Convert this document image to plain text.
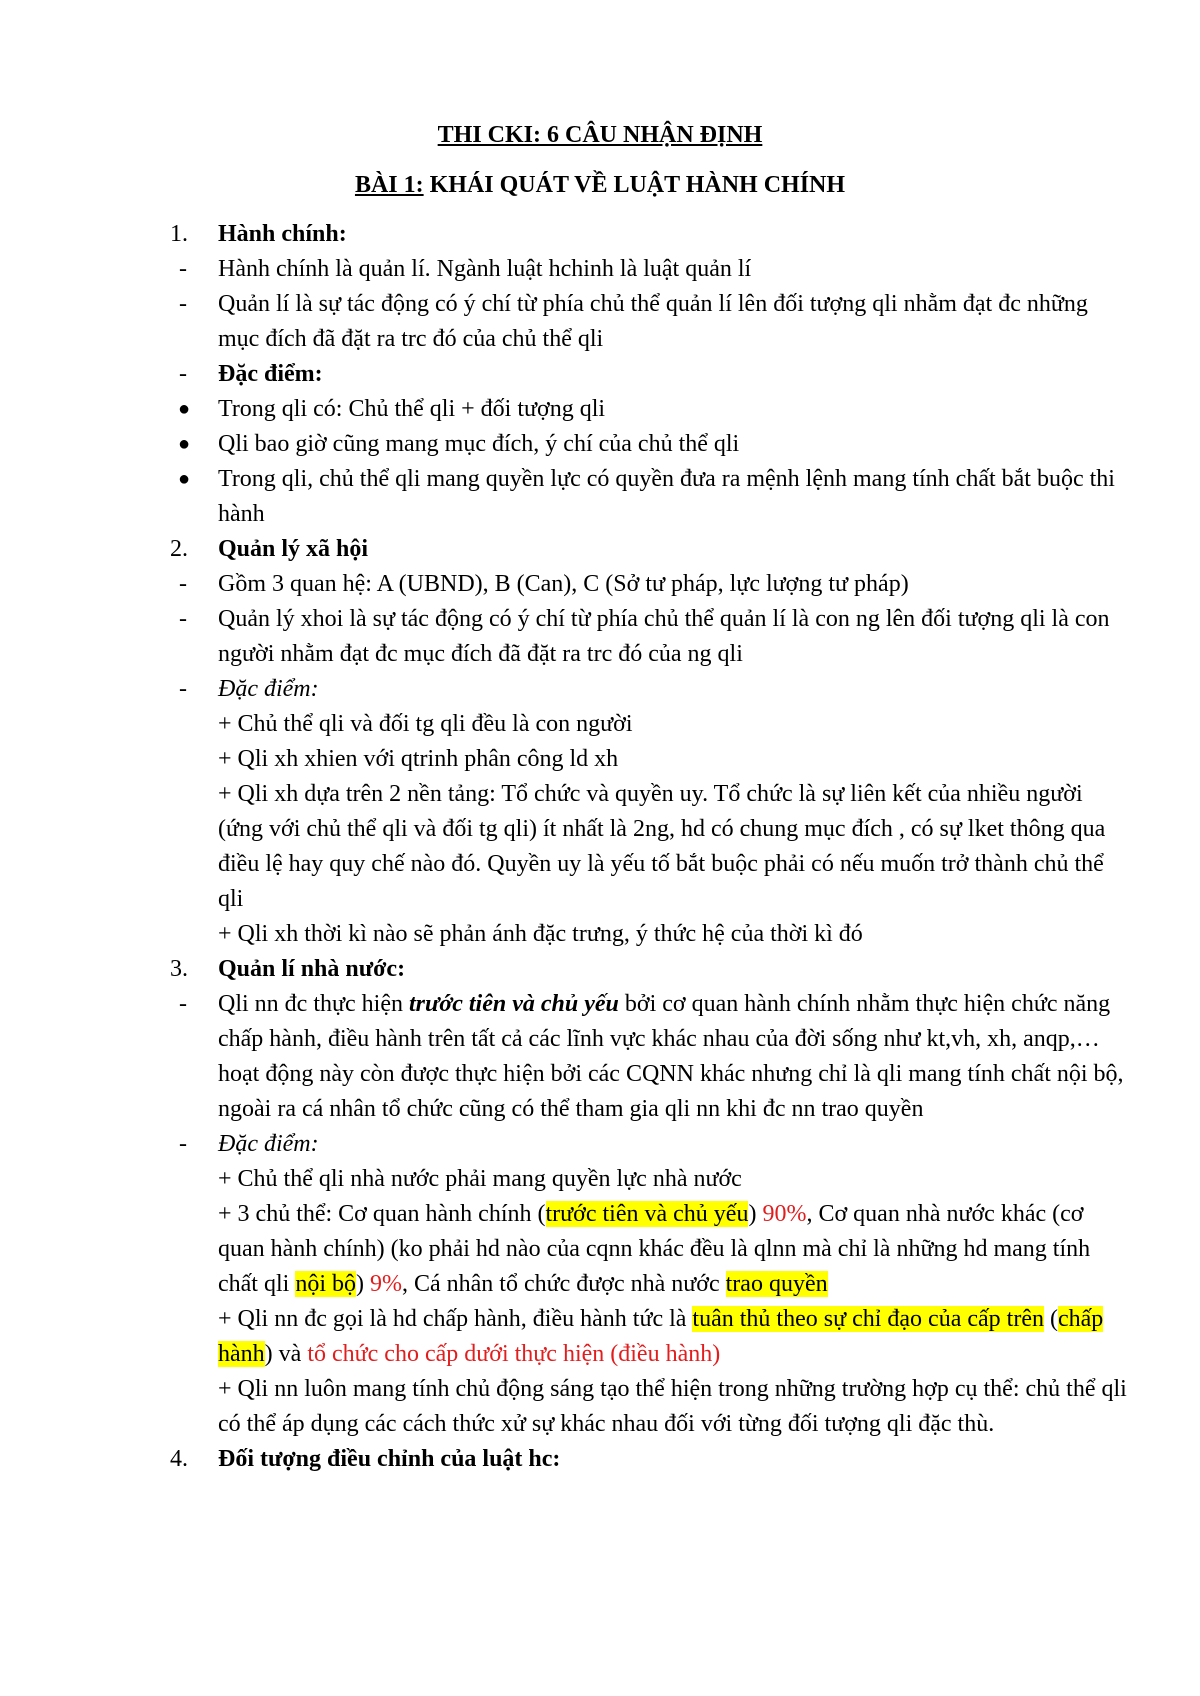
THI CKI: 6 CÂU NHẬN ĐỊNH
BÀI 1: KHÁI QUÁT VỀ LUẬT HÀNH CHÍNH
1. Hành chính:
- Hành chính là quản lí. Ngành luật hchinh là luật quản lí
- Quản lí là sự tác động có ý chí từ phía chủ thể quản lí lên đối tượng qli nhằm đạt đc những mục đích đã đặt ra trc đó của chủ thể qli
- Đặc điểm:
● Trong qli có: Chủ thể qli + đối tượng qli
● Qli bao giờ cũng mang mục đích, ý chí của chủ thể qli
● Trong qli, chủ thể qli mang quyền lực có quyền đưa ra mệnh lệnh mang tính chất bắt buộc thi hành
2. Quản lý xã hội
- Gồm 3 quan hệ: A (UBND), B (Can), C (Sở tư pháp, lực lượng tư pháp)
- Quản lý xhoi là sự tác động có ý chí từ phía chủ thể quản lí là con ng lên đối tượng qli là con người nhằm đạt đc mục đích đã đặt ra trc đó của ng qli
- Đặc điểm:
+ Chủ thể qli và đối tg qli đều là con người
+ Qli xh xhien với qtrinh phân công ld xh
+ Qli xh dựa trên 2 nền tảng: Tổ chức và quyền uy. Tổ chức là sự liên kết của nhiều người (ứng với chủ thể qli và đối tg qli) ít nhất là 2ng, hd có chung mục đích , có sự lket thông qua điều lệ hay quy chế nào đó. Quyền uy là yếu tố bắt buộc phải có nếu muốn trở thành chủ thể qli
+ Qli xh thời kì nào sẽ phản ánh đặc trưng, ý thức hệ của thời kì đó
3. Quản lí nhà nước:
- Qli nn đc thực hiện trước tiên và chủ yếu bởi cơ quan hành chính nhằm thực hiện chức năng chấp hành, điều hành trên tất cả các lĩnh vực khác nhau của đời sống như kt,vh, xh, anqp,… hoạt động này còn được thực hiện bởi các CQNN khác nhưng chỉ là qli mang tính chất nội bộ, ngoài ra cá nhân tổ chức cũng có thể tham gia qli nn khi đc nn trao quyền
- Đặc điểm:
+ Chủ thể qli nhà nước phải mang quyền lực nhà nước
+ 3 chủ thể: Cơ quan hành chính (trước tiên và chủ yếu) 90%, Cơ quan nhà nước khác (cơ quan hành chính) (ko phải hd nào của cqnn khác đều là qlnn mà chỉ là những hd mang tính chất qli nội bộ) 9%, Cá nhân tổ chức được nhà nước trao quyền
+ Qli nn đc gọi là hd chấp hành, điều hành tức là tuân thủ theo sự chỉ đạo của cấp trên (chấp hành) và tổ chức cho cấp dưới thực hiện (điều hành)
+ Qli nn luôn mang tính chủ động sáng tạo thể hiện trong những trường hợp cụ thể: chủ thể qli có thể áp dụng các cách thức xử sự khác nhau đối với từng đối tượng qli đặc thù.
4. Đối tượng điều chỉnh của luật hc:
